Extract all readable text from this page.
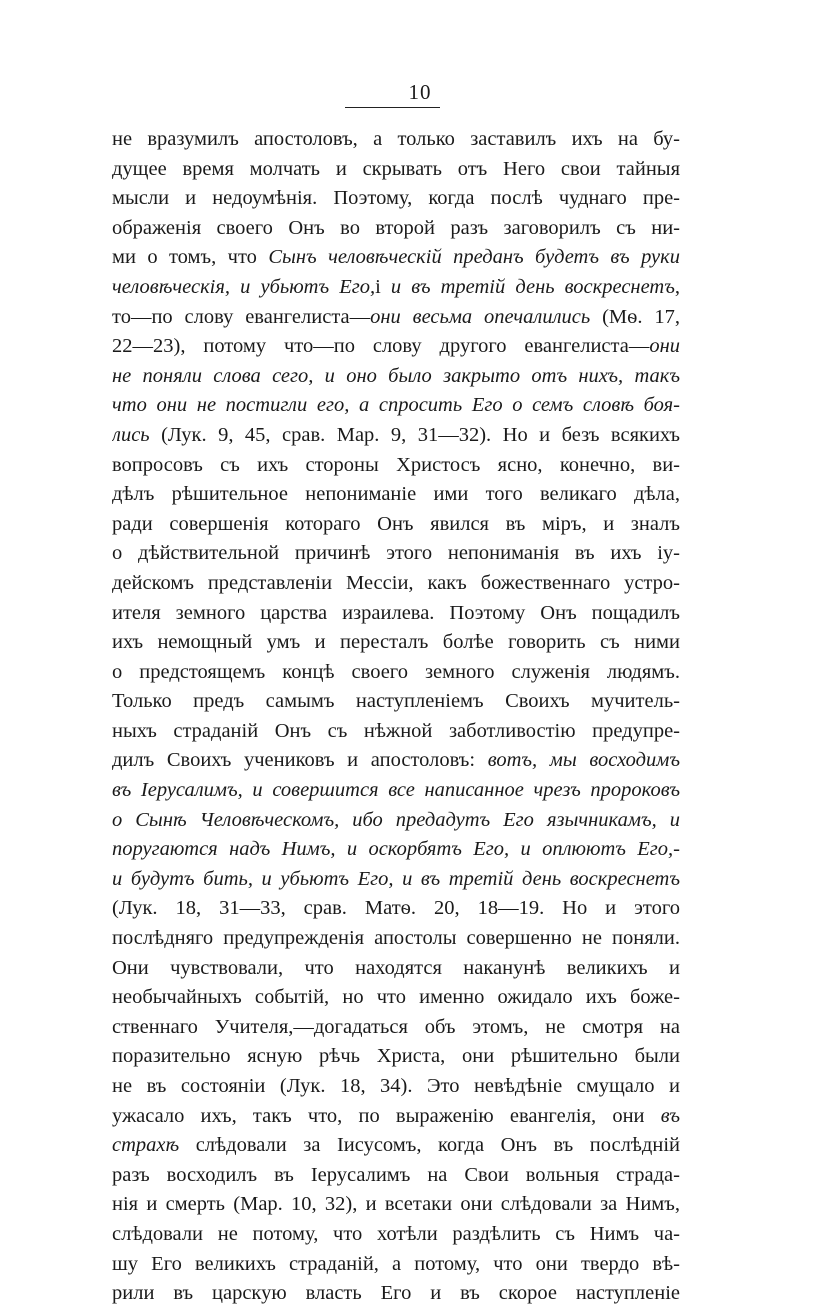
10
не вразумилъ апостоловъ, а только заставилъ ихъ на бу-
дущее время молчать и скрывать отъ Него свои тайныя
мысли и недоумѣнія. Поэтому, когда послѣ чуднаго пре-
ображенія своего Онъ во второй разъ заговорилъ съ ни-
ми о томъ, что Сынъ человѣческій преданъ будетъ въ руки
человѣческія, и убьютъ Его,і и въ третій день воскреснетъ,
то—по слову евангелиста—они весьма опечалились (Мѳ. 17,
22—23), потому что—по слову другого евангелиста—они
не поняли слова сего, и оно было закрыто отъ нихъ, такъ
что они не постигли его, а спросить Его о семъ словѣ боя-
лись (Лук. 9, 45, срав. Мар. 9, 31—32). Но и безъ всякихъ
вопросовъ съ ихъ стороны Христосъ ясно, конечно, ви-
дѣлъ рѣшительное непониманіе ими того великаго дѣла,
ради совершенія котораго Онъ явился въ міръ, и зналъ
о дѣйствительной причинѣ этого непониманія въ ихъ іу-
дейскомъ представленіи Мессіи, какъ божественнаго устро-
ителя земного царства израилева. Поэтому Онъ пощадилъ
ихъ немощный умъ и пересталъ болѣе говорить съ ними
о предстоящемъ концѣ своего земного служенія людямъ.
Только предъ самымъ наступленіемъ Своихъ мучитель-
ныхъ страданій Онъ съ нѣжной заботливостію предупре-
дилъ Своихъ учениковъ и апостоловъ: вотъ, мы восходимъ
въ Іерусалимъ, и совершится все написанное чрезъ пророковъ
о Сынѣ Человѣческомъ, ибо предадутъ Его язычникамъ, и
поругаются надъ Нимъ, и оскорбятъ Его, и оплюютъ Его,-
и будутъ бить, и убьютъ Его, и въ третій день воскреснетъ
(Лук. 18, 31—33, срав. Матѳ. 20, 18—19. Но и этого
послѣдняго предупрежденія апостолы совершенно не поняли.
Они чувствовали, что находятся наканунѣ великихъ и
необычайныхъ событій, но что именно ожидало ихъ боже-
ственнаго Учителя,—догадаться объ этомъ, не смотря на
поразительно ясную рѣчь Христа, они рѣшительно были
не въ состояніи (Лук. 18, 34). Это невѣдѣніе смущало и
ужасало ихъ, такъ что, по выраженію евангелія, они въ
страхѣ слѣдовали за Іисусомъ, когда Онъ въ послѣдній
разъ восходилъ въ Іерусалимъ на Свои вольныя страда-
нія и смерть (Мар. 10, 32), и всетаки они слѣдовали за Нимъ,
слѣдовали не потому, что хотѣли раздѣлить съ Нимъ ча-
шу Его великихъ страданій, а потому, что они твердо вѣ-
рили въ царскую власть Его и въ скорое наступленіе
